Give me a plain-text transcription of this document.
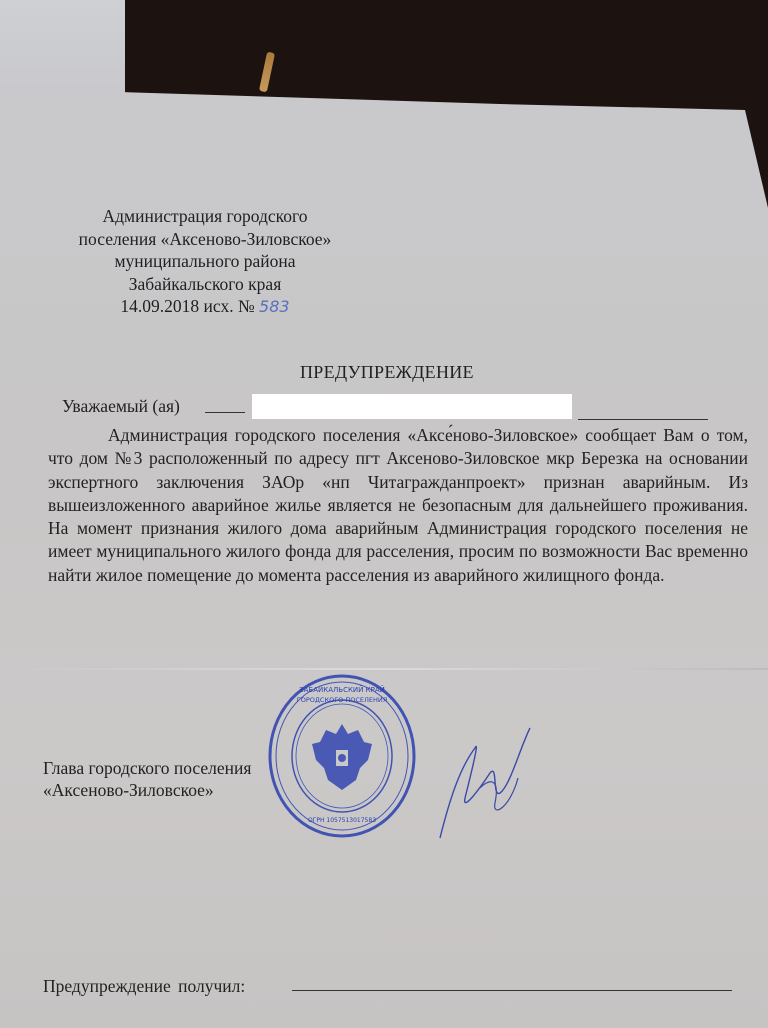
Администрация городского
поселения «Аксеново-Зиловское»
муниципального района
Забайкальского края
14.09.2018 исх. № 583
ПРЕДУПРЕЖДЕНИЕ
Уважаемый (ая)

Администрация городского поселения «Аксе́ново-Зиловское» сообщает Вам о том, что дом №3 расположенный по адресу пгт Аксеново-Зиловское мкр Березка на основании экспертного заключения ЗАОр «нп Читагражданпроект» признан аварийным. Из вышеизложенного аварийное жилье является не безопасным для дальнейшего проживания. На момент признания жилого дома аварийным Администрация городского поселения не имеет муниципального жилого фонда для расселения, просим по возможности Вас временно найти жилое помещение до момента расселения из аварийного жилищного фонда.

Глава городского поселения
«Аксеново-Зиловское»
ЗАБАЙКАЛЬСКИЙ КРАЙ
ГОРОДСКОГО ПОСЕЛЕНИЯ
ОГРН 1057513017583
Предупреждение получил:
